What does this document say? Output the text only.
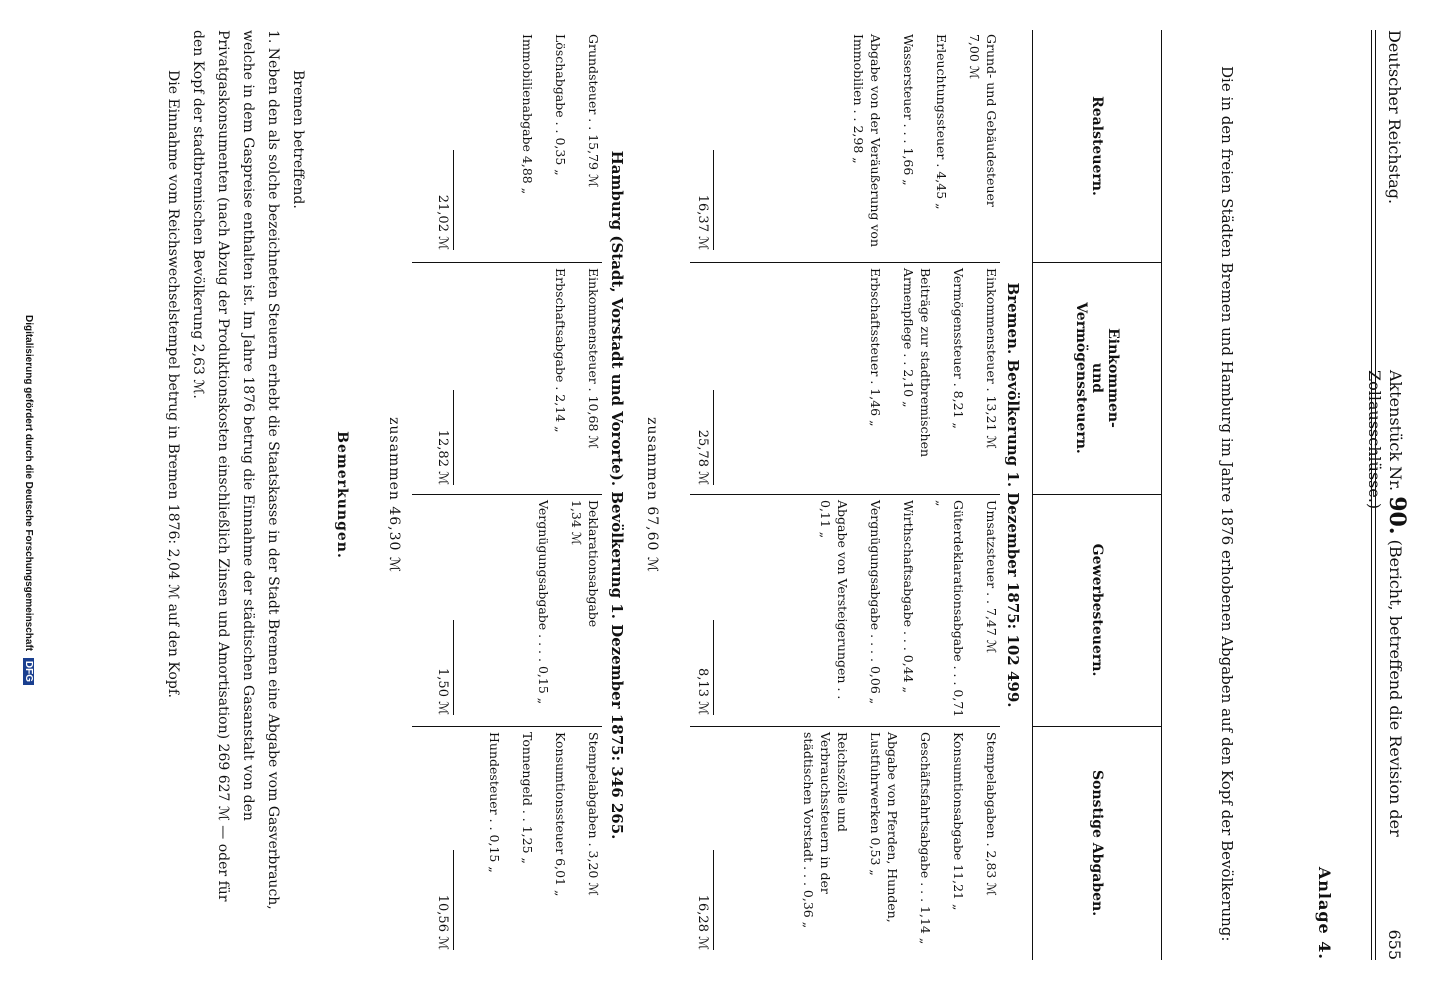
Deutscher Reichstag.
Aktenstück Nr. 90. (Bericht, betreffend die Revision der Zollausschlüsse.)
655
Anlage 4.
Die in den freien Städten Bremen und Hamburg im Jahre 1876 erhobenen Abgaben auf den Kopf der Bevölkerung:
Realsteuern.
Einkommen-
und
Vermögenssteuern.
Gewerbesteuern.
Sonstige Abgaben.
Bremen. Bevölkerung 1. Dezember 1875: 102 499.
Grund- und Gebäudesteuer
7,00 ℳ
Erleuchtungssteuer . 4,45 „
Wassersteuer . . . 1,66 „
Abgabe von der Veräußerung von Immobilien . . 2,98 „
Einkommensteuer . 13,21 ℳ
Vermögenssteuer . 8,21 „
Beiträge zur stadtbremischen Armenpflege . . 2,10 „
Erbschaftssteuer . 1,46 „
Umsatzsteuer . . 7,47 ℳ
Güterdeklarationsabgabe . . . 0,71 „
Wirthschaftsabgabe . . . 0,44 „
Vergnügungsabgabe . . . . 0,06 „
Abgabe von Versteigerungen . . 0,11 „
Stempelabgaben . 2,83 ℳ
Konsumtionsabgabe 11,21 „
Geschäftsfahrtsabgabe . . . 1,14 „
Abgabe von Pferden, Hunden, Lustfuhrwerken 0,53 „
Reichszölle und Verbrauchssteuern in der städtischen Vorstadt . . . 0,36 „
16,37 ℳ
25,78 ℳ
8,13 ℳ
16,28 ℳ
zusammen 67,60 ℳ
Hamburg (Stadt, Vorstadt und Vororte). Bevölkerung 1. Dezember 1875: 346 265.
Grundsteuer . . 15,79 ℳ
Löschabgabe . . 0,35 „
Immobilienabgabe 4,88 „
Einkommensteuer . 10,68 ℳ
Erbschaftsabgabe . 2,14 „
Deklarationsabgabe
1,34 ℳ
Vergnügungsabgabe . . . . 0,15 „
Stempelabgaben . 3,20 ℳ
Konsumtionssteuer 6,01 „
Tonnengeld . . 1,25 „
Hundesteuer . . 0,15 „
21,02 ℳ
12,82 ℳ
1,50 ℳ
10,56 ℳ
zusammen 46,30 ℳ
Bemerkungen.

Bremen betreffend.

1. Neben den als solche bezeichneten Steuern erhebt die Staatskasse in der Stadt Bremen eine Abgabe vom Gasverbrauch, welche in dem Gaspreise enthalten ist. Im Jahre 1876 betrug die Einnahme der städtischen Gasanstalt von den Privatgaskonsumenten (nach Abzug der Produktionskosten einschließlich Zinsen und Amortisation) 269 627 ℳ — oder für den Kopf der stadtbremischen Bevölkerung 2,63 ℳ.

Die Einnahme vom Reichswechselstempel betrug in Bremen 1876: 2,04 ℳ auf den Kopf.

Digitalisierung gefördert durch die Deutsche Forschungsgemeinschaft DFG
